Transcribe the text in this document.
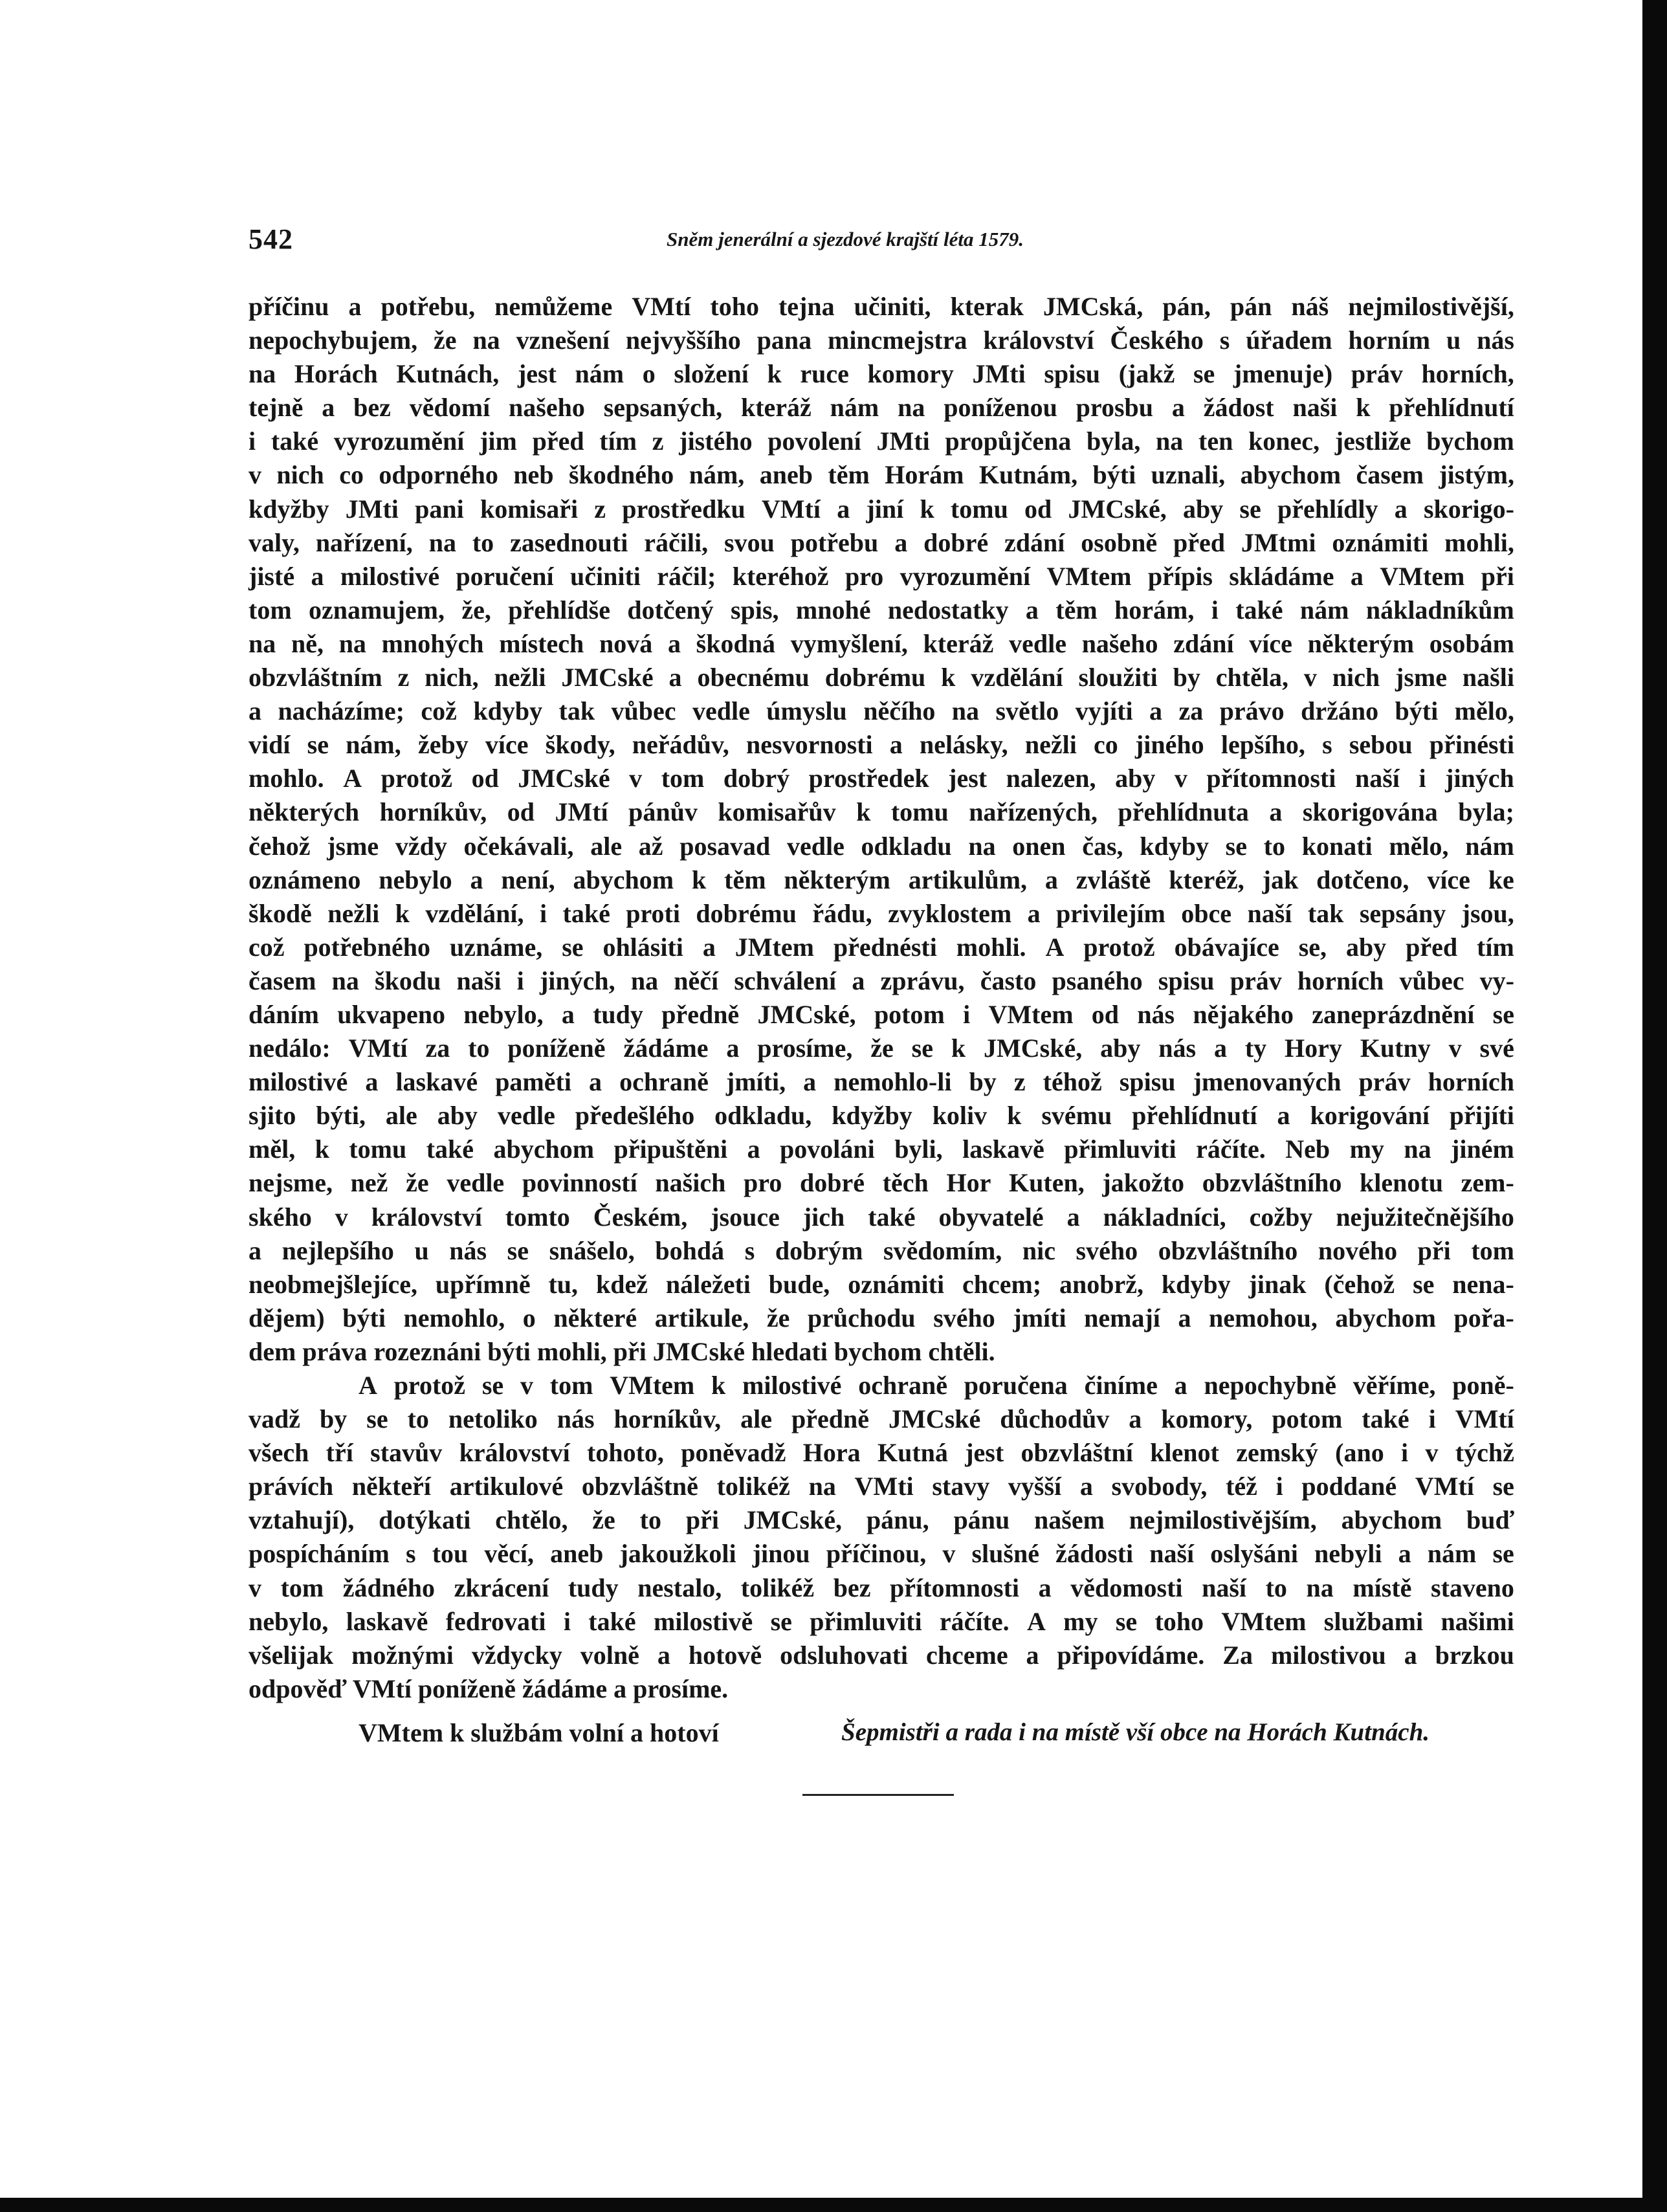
542	Sněm jenerální a sjezdové krajští léta 1579.
příčinu a potřebu, nemůžeme VMtí toho tejna učiniti, kterak JMCská, pán, pán náš nejmilostivější,
nepochybujem, že na vznešení nejvyššího pana mincmejstra království Českého s úřadem horním u nás
na Horách Kutnách, jest nám o složení k ruce komory JMti spisu (jakž se jmenuje) práv horních,
tejně a bez vědomí našeho sepsaných, kteráž nám na poníženou prosbu a žádost naši k přehlídnutí
i také vyrozumění jim před tím z jistého povolení JMti propůjčena byla, na ten konec, jestliže bychom
v nich co odporného neb škodného nám, aneb těm Horám Kutnám, býti uznali, abychom časem jistým,
kdyžby JMti pani komisaři z prostředku VMtí a jiní k tomu od JMCské, aby se přehlídly a skorigo-
valy, nařízení, na to zasednouti ráčili, svou potřebu a dobré zdání osobně před JMtmi oznámiti mohli,
jisté a milostivé poručení učiniti ráčil; kteréhož pro vyrozumění VMtem přípis skládáme a VMtem při
tom oznamujem, že, přehlídše dotčený spis, mnohé nedostatky a těm horám, i také nám nákladníkům
na ně, na mnohých místech nová a škodná vymyšlení, kteráž vedle našeho zdání více některým osobám
obzvláštním z nich, nežli JMCské a obecnému dobrému k vzdělání sloužiti by chtěla, v nich jsme našli
a nacházíme; což kdyby tak vůbec vedle úmyslu něčího na světlo vyjíti a za právo držáno býti mělo,
vidí se nám, žeby více škody, neřádův, nesvornosti a nelásky, nežli co jiného lepšího, s sebou přinésti
mohlo. A protož od JMCské v tom dobrý prostředek jest nalezen, aby v přítomnosti naší i jiných
některých horníkův, od JMtí pánův komisařův k tomu nařízených, přehlídnuta a skorigována byla;
čehož jsme vždy očekávali, ale až posavad vedle odkladu na onen čas, kdyby se to konati mělo, nám
oznámeno nebylo a není, abychom k těm některým artikulům, a zvláště kteréž, jak dotčeno, více ke
škodě nežli k vzdělání, i také proti dobrému řádu, zvyklostem a privilejím obce naší tak sepsány jsou,
což potřebného uznáme, se ohlásiti a JMtem přednésti mohli. A protož obávajíce se, aby před tím
časem na škodu naši i jiných, na něčí schválení a zprávu, často psaného spisu práv horních vůbec vy-
dáním ukvapeno nebylo, a tudy předně JMCské, potom i VMtem od nás nějakého zaneprázdnění se
nedálo: VMtí za to poníženě žádáme a prosíme, že se k JMCské, aby nás a ty Hory Kutny v své
milostivé a laskavé paměti a ochraně jmíti, a nemohlo-li by z téhož spisu jmenovaných práv horních
sjito býti, ale aby vedle předešlého odkladu, kdyžby koliv k svému přehlídnutí a korigování přijíti
měl, k tomu také abychom připuštěni a povoláni byli, laskavě přimluviti ráčíte. Neb my na jiném
nejsme, než že vedle povinností našich pro dobré těch Hor Kuten, jakožto obzvláštního klenotu zem-
ského v království tomto Českém, jsouce jich také obyvatelé a nákladníci, cožby nejužitečnějšího
a nejlepšího u nás se snášelo, bohdá s dobrým svědomím, nic svého obzvláštního nového při tom
neobmejšlejíce, upřímně tu, kdež náležeti bude, oznámiti chcem; anobrž, kdyby jinak (čehož se nena-
dějem) býti nemohlo, o některé artikule, že průchodu svého jmíti nemají a nemohou, abychom pořa-
dem práva rozeznáni býti mohli, při JMCské hledati bychom chtěli.
A protož se v tom VMtem k milostivé ochraně poručena činíme a nepochybně věříme, poně-
vadž by se to netoliko nás horníkův, ale předně JMCské důchodův a komory, potom také i VMtí
všech tří stavův království tohoto, poněvadž Hora Kutná jest obzvláštní klenot zemský (ano i v týchž
právích někteří artikulové obzvláštně tolikéž na VMti stavy vyšší a svobody, též i poddané VMtí se
vztahují), dotýkati chtělo, že to při JMCské, pánu, pánu našem nejmilostivějším, abychom buď
pospícháním s tou věcí, aneb jakoužkoli jinou příčinou, v slušné žádosti naší oslyšáni nebyli a nám se
v tom žádného zkrácení tudy nestalo, tolikéž bez přítomnosti a vědomosti naší to na místě staveno
nebylo, laskavě fedrovati i také milostivě se přimluviti ráčíte. A my se toho VMtem službami našimi
všelijak možnými vždycky volně a hotově odsluhovati chceme a připovídáme. Za milostivou a brzkou
odpověď VMtí poníženě žádáme a prosíme.
VMtem k službám volní a hotoví	Šepmistři a rada i na místě vší obce na Horách Kutnách.
